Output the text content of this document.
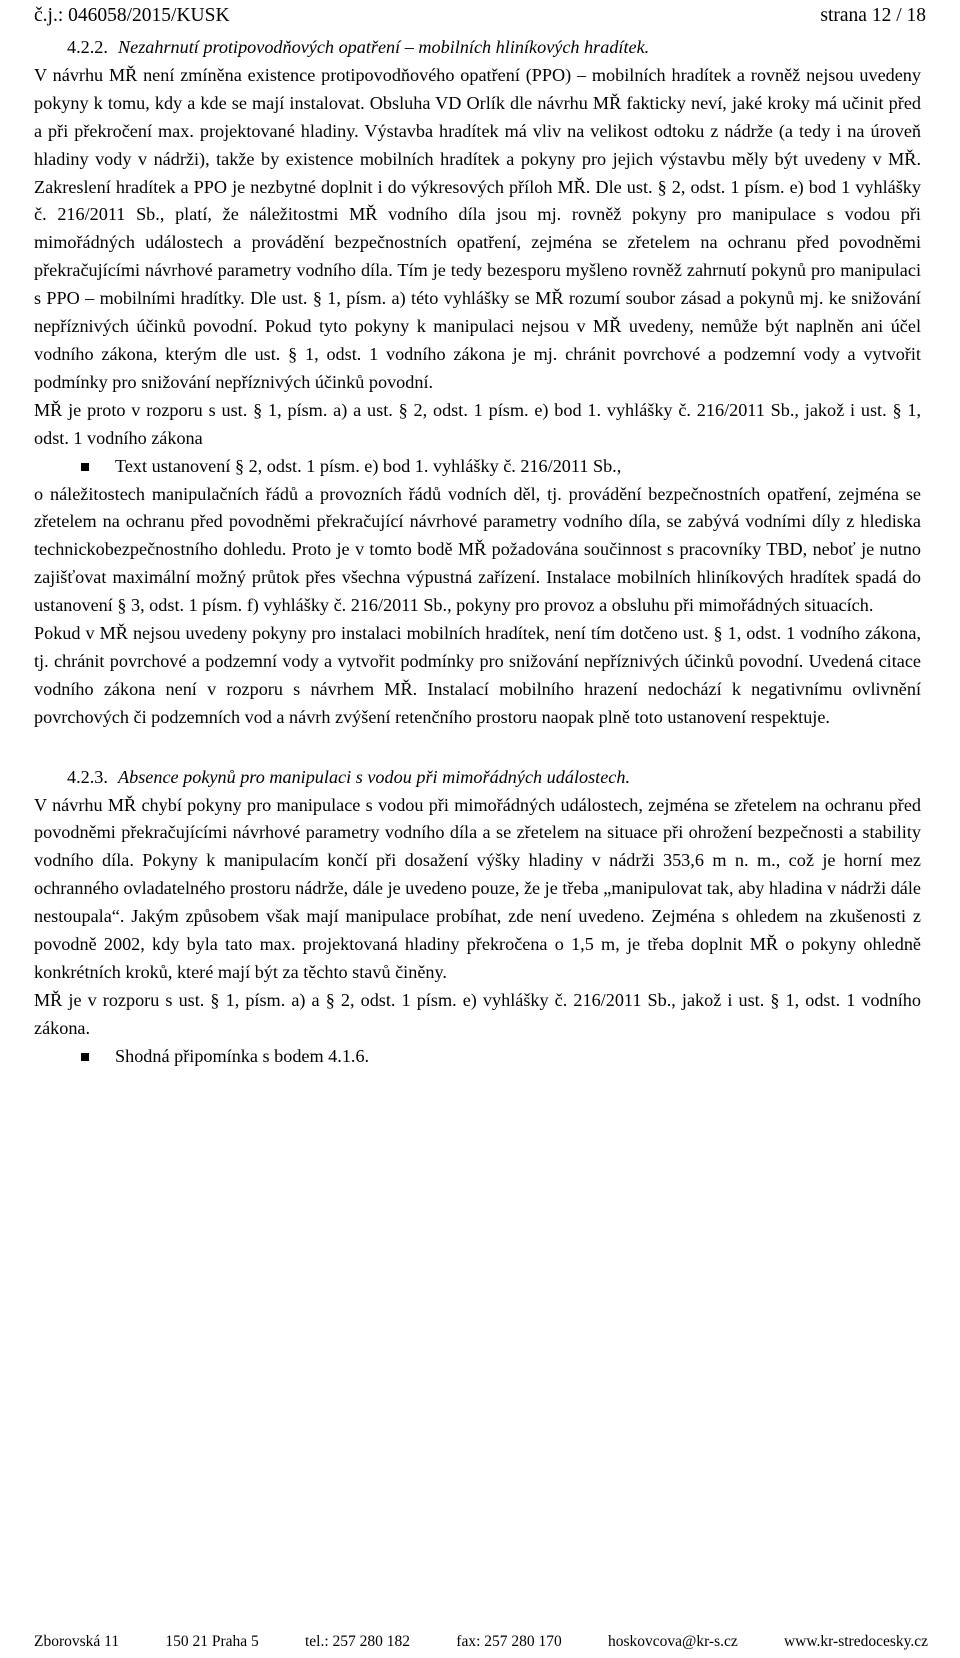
č.j.: 046058/2015/KUSK	strana 12 / 18
4.2.2. Nezahrnutí protipovodňových opatření – mobilních hliníkových hradítek.

V návrhu MŘ není zmíněna existence protipovodňového opatření (PPO) – mobilních hradítek a rovněž nejsou uvedeny pokyny k tomu, kdy a kde se mají instalovat. Obsluha VD Orlík dle návrhu MŘ fakticky neví, jaké kroky má učinit před a při překročení max. projektované hladiny. Výstavba hradítek má vliv na velikost odtoku z nádrže (a tedy i na úroveň hladiny vody v nádrži), takže by existence mobilních hradítek a pokyny pro jejich výstavbu měly být uvedeny v MŘ. Zakreslení hradítek a PPO je nezbytné doplnit i do výkresových příloh MŘ. Dle ust. § 2, odst. 1 písm. e) bod 1 vyhlášky č. 216/2011 Sb., platí, že náležitostmi MŘ vodního díla jsou mj. rovněž pokyny pro manipulace s vodou při mimořádných událostech a provádění bezpečnostních opatření, zejména se zřetelem na ochranu před povodněmi překračujícími návrhové parametry vodního díla. Tím je tedy bezesporu myšleno rovněž zahrnutí pokynů pro manipulaci s PPO – mobilními hradítky. Dle ust. § 1, písm. a) této vyhlášky se MŘ rozumí soubor zásad a pokynů mj. ke snižování nepříznivých účinků povodní. Pokud tyto pokyny k manipulaci nejsou v MŘ uvedeny, nemůže být naplněn ani účel vodního zákona, kterým dle ust. § 1, odst. 1 vodního zákona je mj. chránit povrchové a podzemní vody a vytvořit podmínky pro snižování nepříznivých účinků povodní.

MŘ je proto v rozporu s ust. § 1, písm. a) a ust. § 2, odst. 1 písm. e) bod 1. vyhlášky č. 216/2011 Sb., jakož i ust. § 1, odst. 1 vodního zákona

Text ustanovení § 2, odst. 1 písm. e) bod 1. vyhlášky č. 216/2011 Sb.,

o náležitostech manipulačních řádů a provozních řádů vodních děl, tj. provádění bezpečnostních opatření, zejména se zřetelem na ochranu před povodněmi překračující návrhové parametry vodního díla, se zabývá vodními díly z hlediska technickobezpečnostního dohledu. Proto je v tomto bodě MŘ požadována součinnost s pracovníky TBD, neboť je nutno zajišťovat maximální možný průtok přes všechna výpustná zařízení. Instalace mobilních hliníkových hradítek spadá do ustanovení § 3, odst. 1 písm. f) vyhlášky č. 216/2011 Sb., pokyny pro provoz a obsluhu při mimořádných situacích.

Pokud v MŘ nejsou uvedeny pokyny pro instalaci mobilních hradítek, není tím dotčeno ust. § 1, odst. 1 vodního zákona, tj. chránit povrchové a podzemní vody a vytvořit podmínky pro snižování nepříznivých účinků povodní. Uvedená citace vodního zákona není v rozporu s návrhem MŘ. Instalací mobilního hrazení nedochází k negativnímu ovlivnění povrchových či podzemních vod a návrh zvýšení retenčního prostoru naopak plně toto ustanovení respektuje.

4.2.3. Absence pokynů pro manipulaci s vodou při mimořádných událostech.

V návrhu MŘ chybí pokyny pro manipulace s vodou při mimořádných událostech, zejména se zřetelem na ochranu před povodněmi překračujícími návrhové parametry vodního díla a se zřetelem na situace při ohrožení bezpečnosti a stability vodního díla. Pokyny k manipulacím končí při dosažení výšky hladiny v nádrži 353,6 m n. m., což je horní mez ochranného ovladatelného prostoru nádrže, dále je uvedeno pouze, že je třeba „manipulovat tak, aby hladina v nádrži dále nestoupala“. Jakým způsobem však mají manipulace probíhat, zde není uvedeno. Zejména s ohledem na zkušenosti z povodně 2002, kdy byla tato max. projektovaná hladiny překročena o 1,5 m, je třeba doplnit MŘ o pokyny ohledně konkrétních kroků, které mají být za těchto stavů činěny.

MŘ je v rozporu s ust. § 1, písm. a) a § 2, odst. 1 písm. e) vyhlášky č. 216/2011 Sb., jakož i ust. § 1, odst. 1 vodního zákona.

Shodná připomínka s bodem 4.1.6.
Zborovská 11	150 21 Praha 5	tel.: 257 280 182	fax: 257 280 170	hoskovcova@kr-s.cz	www.kr-stredocesky.cz
